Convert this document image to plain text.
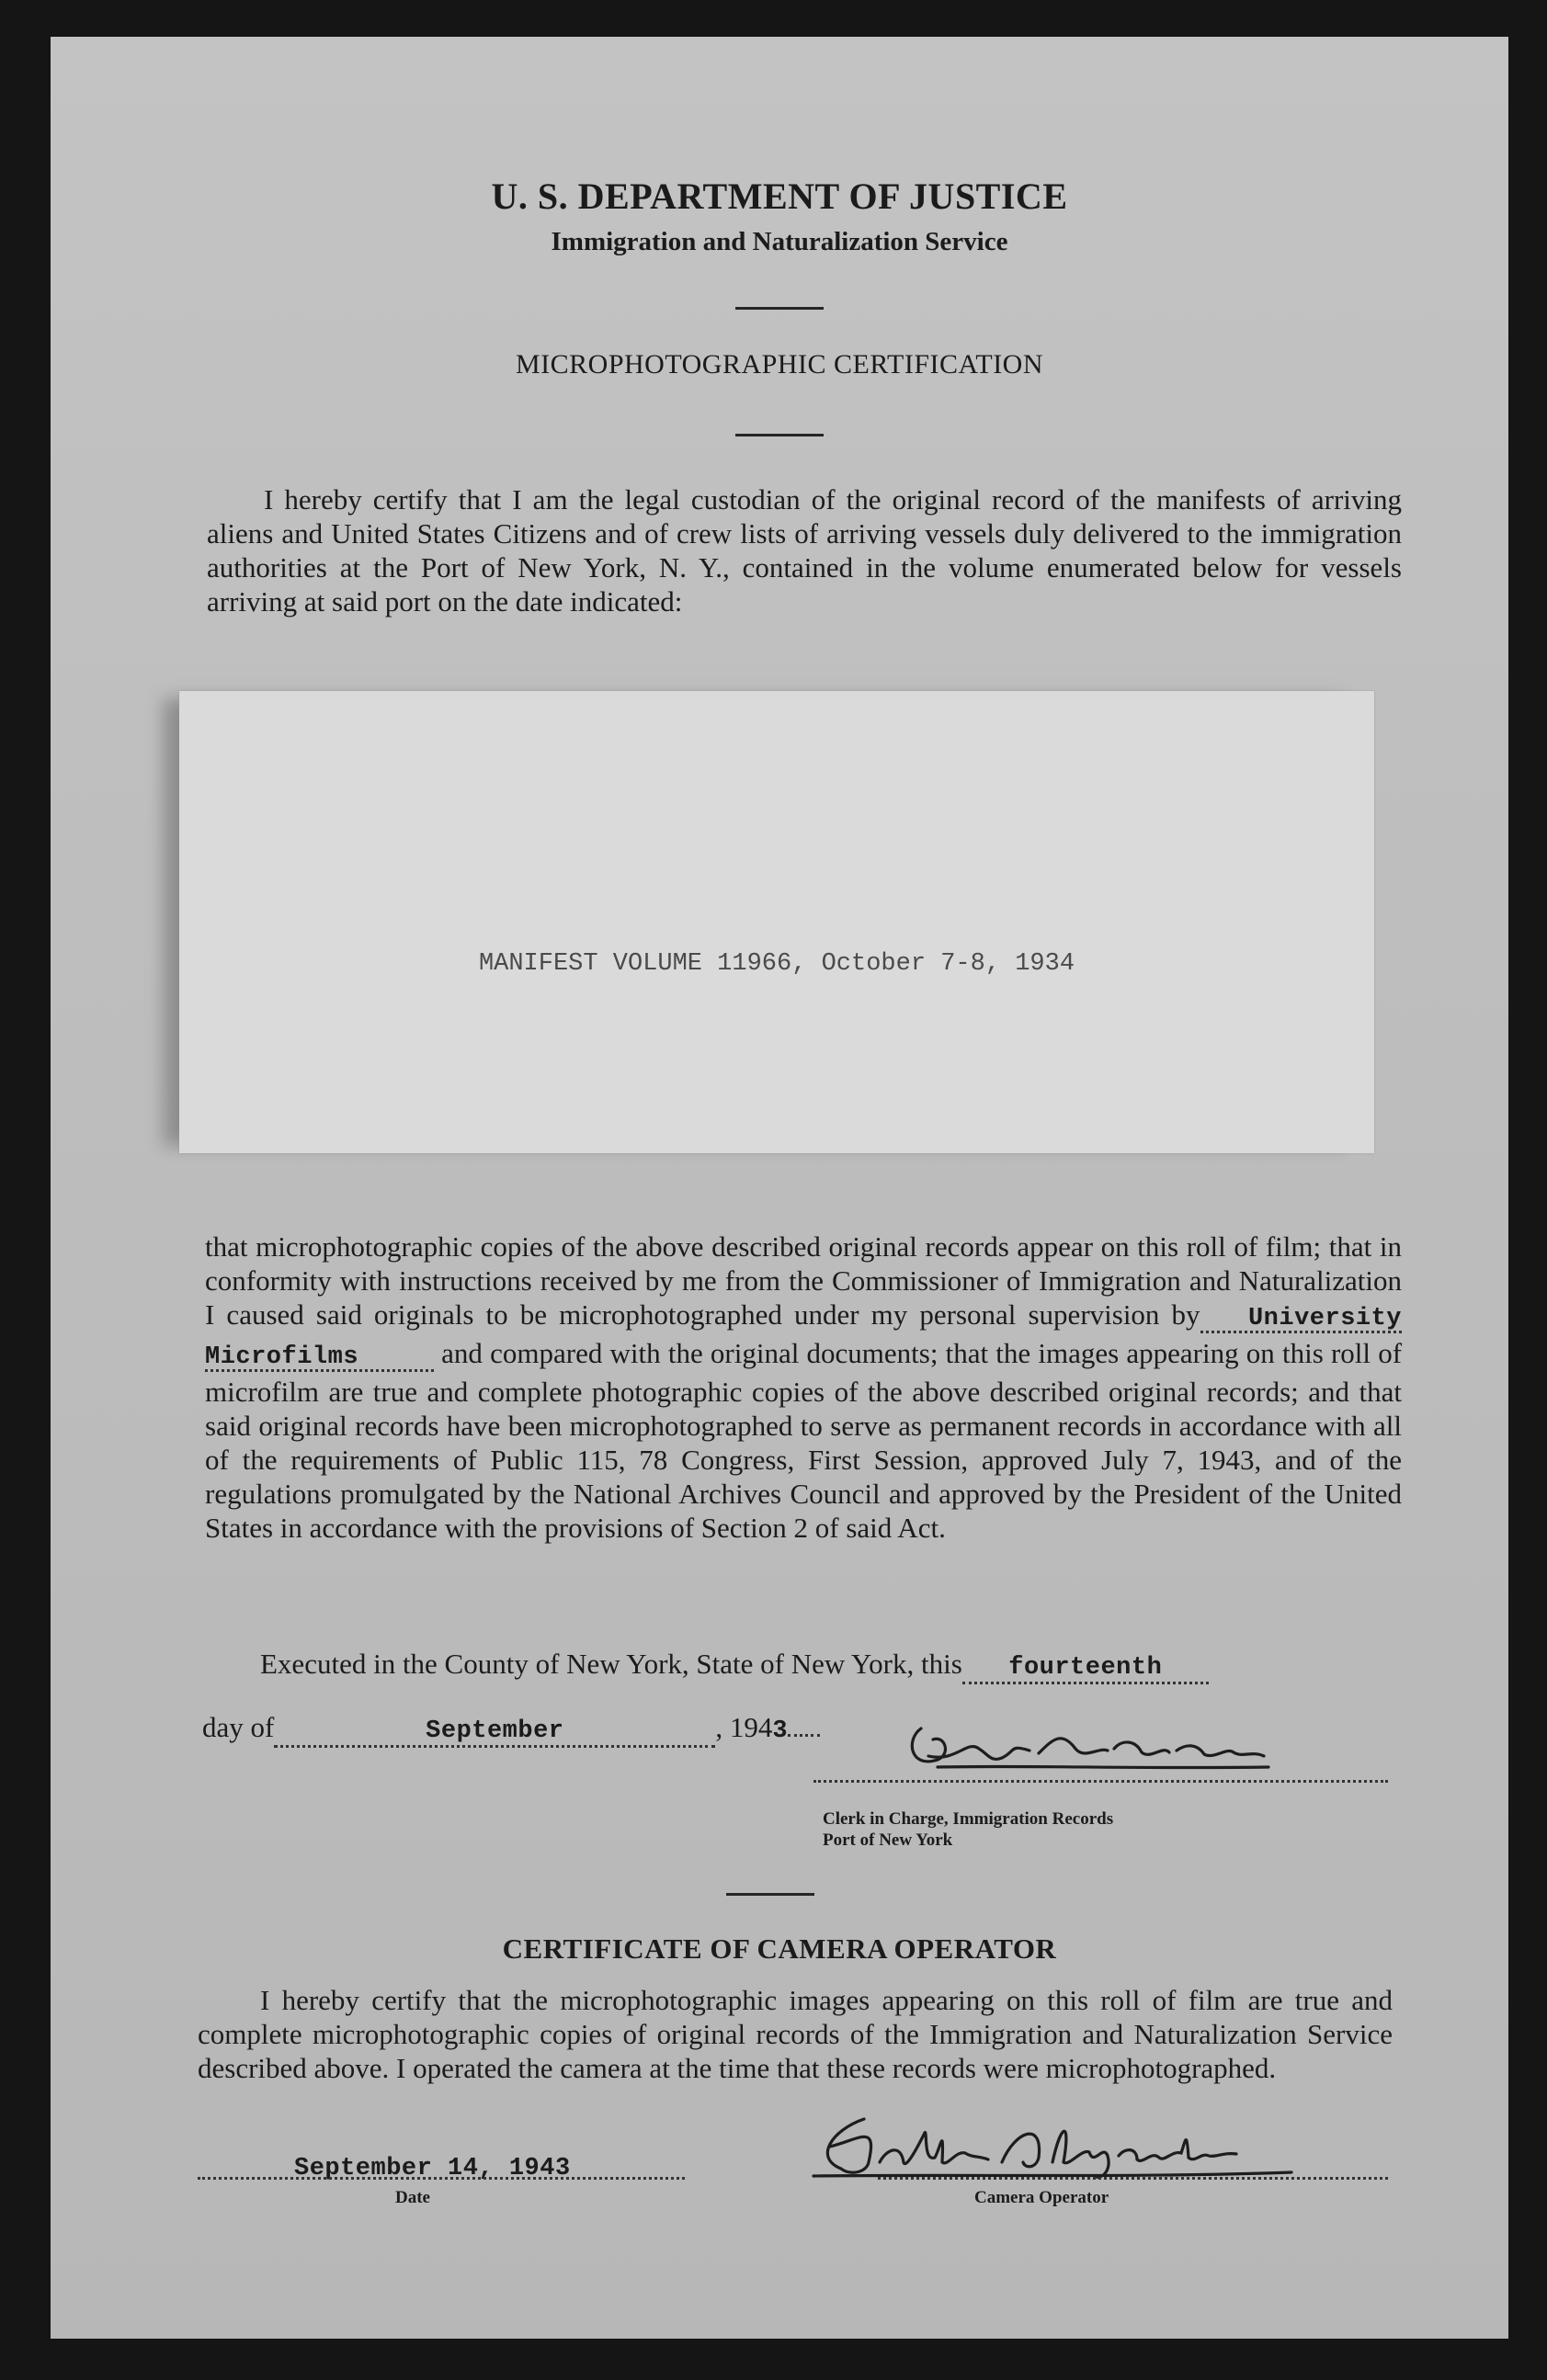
U. S. DEPARTMENT OF JUSTICE
Immigration and Naturalization Service
MICROPHOTOGRAPHIC CERTIFICATION
I hereby certify that I am the legal custodian of the original record of the manifests of arriving aliens and United States Citizens and of crew lists of arriving vessels duly delivered to the immigration authorities at the Port of New York, N. Y., contained in the volume enumerated below for vessels arriving at said port on the date indicated:
MANIFEST VOLUME 11966, October 7-8, 1934
that microphotographic copies of the above described original records appear on this roll of film; that in conformity with instructions received by me from the Commissioner of Immigration and Naturalization I caused said originals to be microphotographed under my personal supervision by University Microfilms	and compared with the original documents; that the images appearing on this roll of microfilm are true and complete photographic copies of the above described original records; and that said original records have been microphotographed to serve as permanent records in accordance with all of the requirements of Public 115, 78 Congress, First Session, approved July 7, 1943, and of the regulations promulgated by the National Archives Council and approved by the President of the United States in accordance with the provisions of Section 2 of said Act.
Executed in the County of New York, State of New York, this fourteenth
day of	September	, 1943
Clerk in Charge, Immigration Records
Port of New York
CERTIFICATE OF CAMERA OPERATOR
I hereby certify that the microphotographic images appearing on this roll of film are true and complete microphotographic copies of original records of the Immigration and Naturalization Service described above. I operated the camera at the time that these records were microphotographed.
September 14, 1943
Date	Camera Operator
